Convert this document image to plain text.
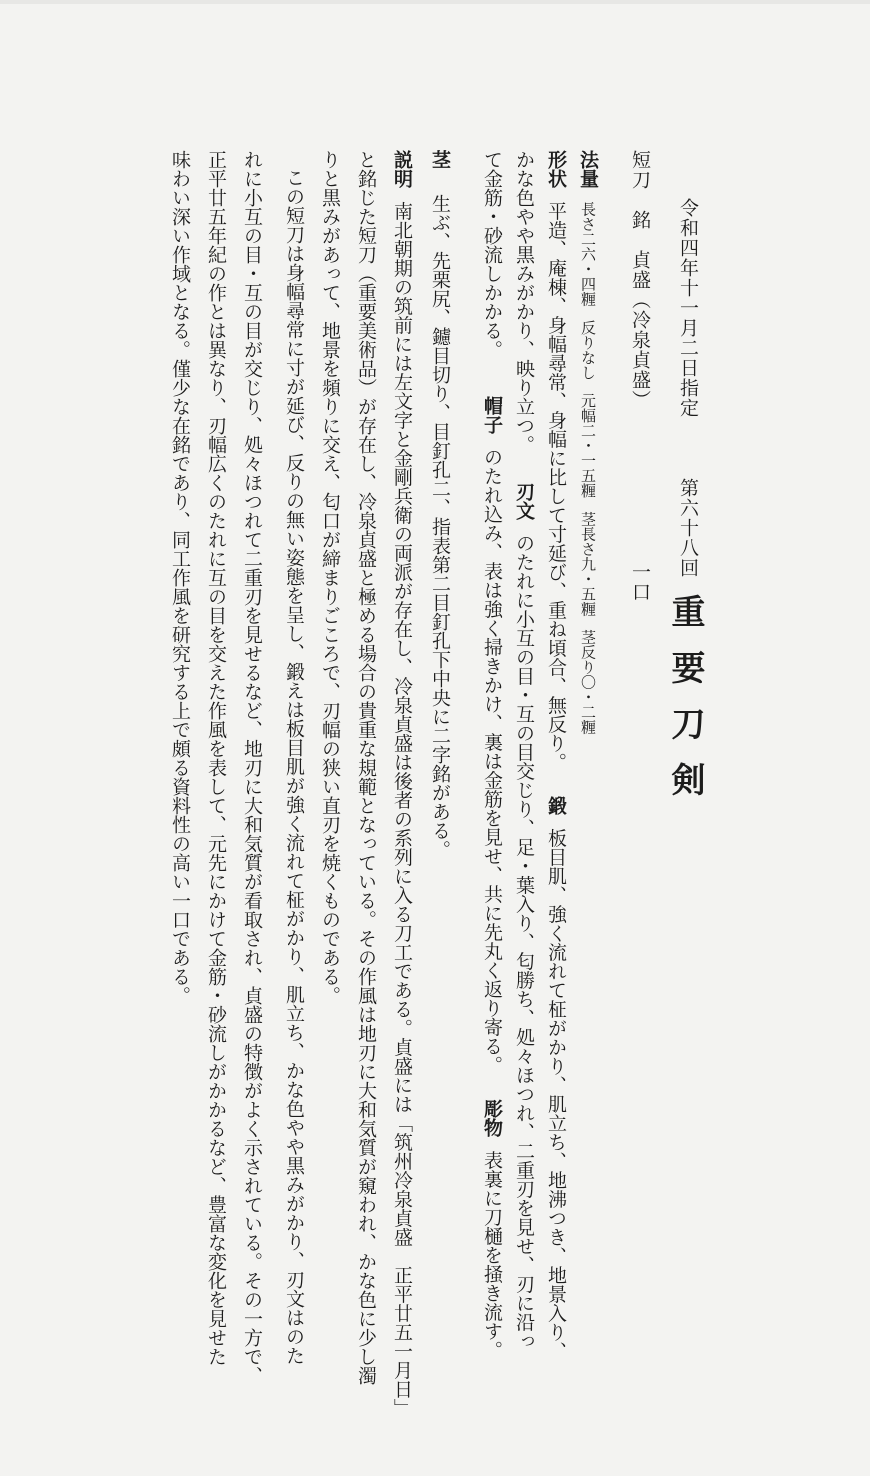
令和四年十一月二日指定
第六十八回
重要刀剣
短刀　銘　貞盛（冷泉貞盛）
一口
法量長さ二六・四糎反りなし元幅二・一五糎茎長さ九・五糎茎反り〇・二糎
形状平造、庵棟、身幅尋常、身幅に比して寸延び、重ね頃合、無反り。鍛板目肌、強く流れて柾がかり、肌立ち、地沸つき、地景入り、
かな色やや黒みがかり、映り立つ。
刃文のたれに小互の目・互の目交じり、足・葉入り、匂勝ち、処々ほつれ、二重刃を見せ、刃に沿っ
て金筋・砂流しかかる。
帽子のたれ込み、表は強く掃きかけ、裏は金筋を見せ、共に先丸く返り寄る。彫物表裏に刀樋を掻き流す。
茎生ぶ、先栗尻、鑢目切り、目釘孔二、指表第二目釘孔下中央に二字銘がある。
説明南北朝期の筑前には左文字と金剛兵衛の両派が存在し、冷泉貞盛は後者の系列に入る刀工である。貞盛には「筑州冷泉貞盛　正平廿五一月日」
と銘じた短刀（重要美術品）が存在し、冷泉貞盛と極める場合の貴重な規範となっている。その作風は地刃に大和気質が窺われ、かな色に少し濁
りと黒みがあって、地景を頻りに交え、匂口が締まりごころで、刃幅の狭い直刃を焼くものである。
この短刀は身幅尋常に寸が延び、反りの無い姿態を呈し、鍛えは板目肌が強く流れて柾がかり、肌立ち、かな色やや黒みがかり、刃文はのた
れに小互の目・互の目が交じり、処々ほつれて二重刃を見せるなど、地刃に大和気質が看取され、貞盛の特徴がよく示されている。その一方で、
正平廿五年紀の作とは異なり、刃幅広くのたれに互の目を交えた作風を表して、元先にかけて金筋・砂流しがかかるなど、豊富な変化を見せた
味わい深い作域となる。僅少な在銘であり、同工作風を研究する上で頗る資料性の高い一口である。
